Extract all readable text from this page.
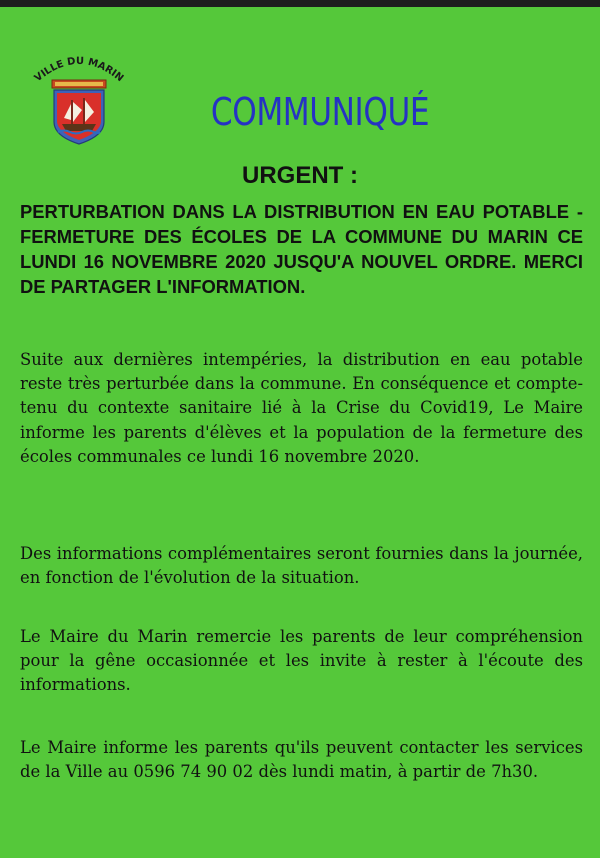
VILLE DU MARIN
COMMUNIQUÉ
URGENT :
PERTURBATION DANS LA DISTRIBUTION EN EAU POTABLE - FERMETURE DES ÉCOLES DE LA COMMUNE DU MARIN CE LUNDI 16 NOVEMBRE 2020 JUSQU'A NOUVEL ORDRE. MERCI DE PARTAGER L'INFORMATION.

Suite aux dernières intempéries, la distribution en eau potable reste très perturbée dans la commune. En conséquence et compte-tenu du contexte sanitaire lié à la Crise du Covid19, Le Maire informe les parents d'élèves et la population de la fermeture des écoles communales ce lundi 16 novembre 2020.

Des informations complémentaires seront fournies dans la journée, en fonction de l'évolution de la situation.

Le Maire du Marin remercie les parents de leur compréhension pour la gêne occasionnée et les invite à rester à l'écoute des informations.

Le Maire informe les parents qu'ils peuvent contacter les services de la Ville au 0596 74 90 02 dès lundi matin, à partir de 7h30.
